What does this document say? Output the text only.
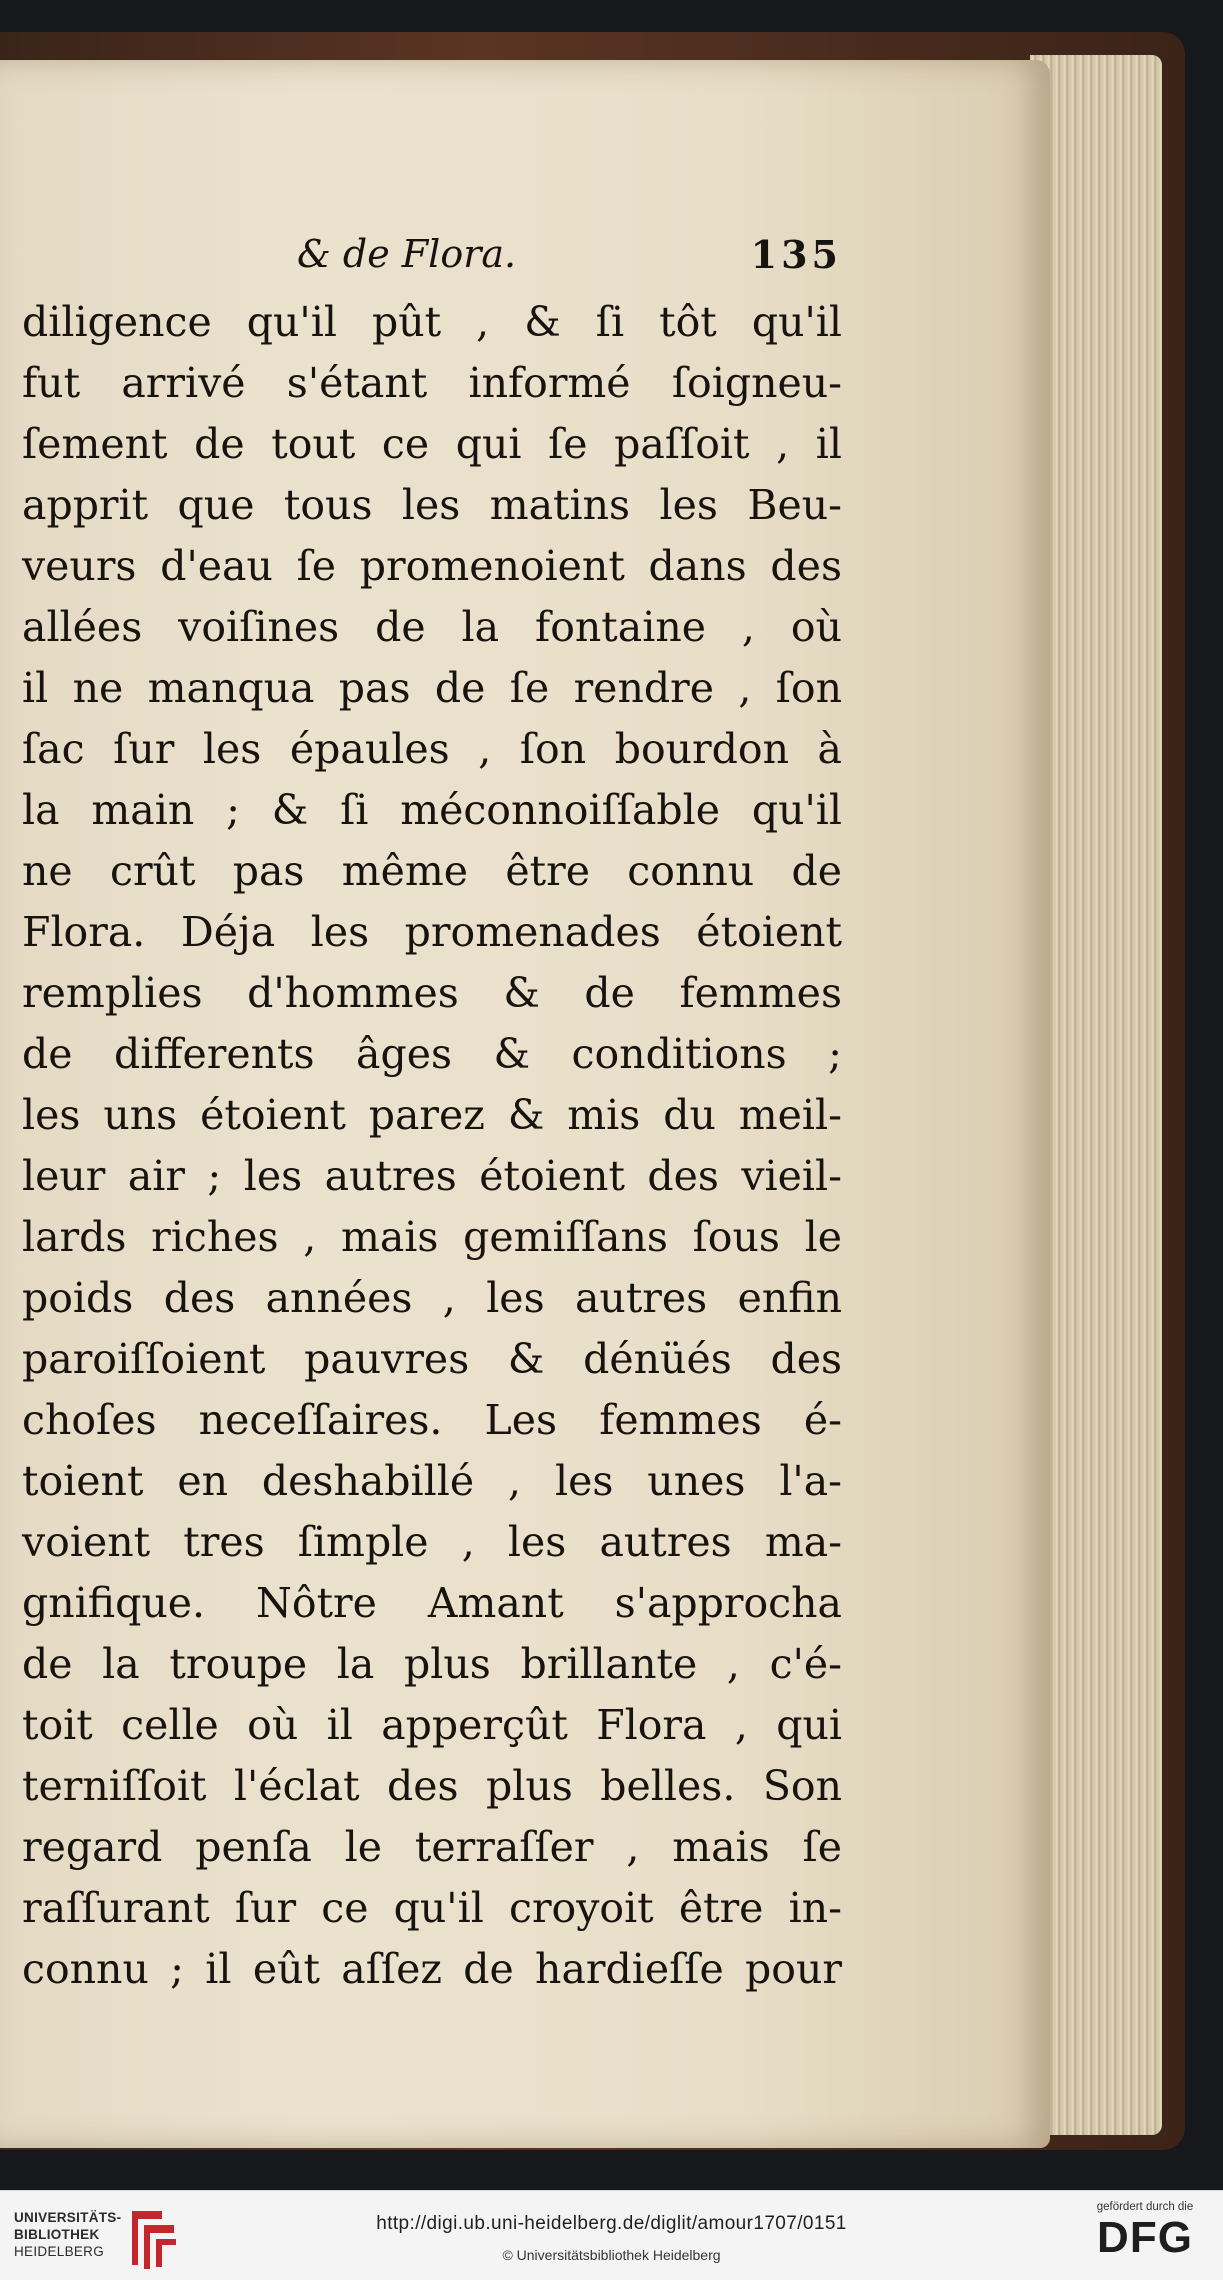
& de Flora.	135
diligence qu'il pût , & ſi tôt qu'il
fut arrivé s'étant informé ſoigneu-
ſement de tout ce qui ſe paſſoit , il
apprit que tous les matins les Beu-
veurs d'eau ſe promenoient dans des
allées voiſines de la fontaine , où
il ne manqua pas de ſe rendre , ſon
ſac ſur les épaules , ſon bourdon à
la main ; & ſi méconnoiſſable qu'il
ne crût pas même être connu de
Flora. Déja les promenades étoient
remplies d'hommes & de femmes
de differents âges & conditions ;
les uns étoient parez & mis du meil-
leur air ; les autres étoient des vieil-
lards riches , mais gemiſſans ſous le
poids des années , les autres enfin
paroiſſoient pauvres & dénüés des
choſes neceſſaires. Les femmes é-
toient en deshabillé , les unes l'a-
voient tres ſimple , les autres ma-
gnifique. Nôtre Amant s'approcha
de la troupe la plus brillante , c'é-
toit celle où il apperçût Flora , qui
terniſſoit l'éclat des plus belles. Son
regard penſa le terraſſer , mais ſe
raſſurant ſur ce qu'il croyoit être in-
connu ; il eût aſſez de hardieſſe pour
UNIVERSITÄTS-
BIBLIOTHEK
HEIDELBERG
http://digi.ub.uni-heidelberg.de/diglit/amour1707/0151
© Universitätsbibliothek Heidelberg
gefördert durch die
DFG
